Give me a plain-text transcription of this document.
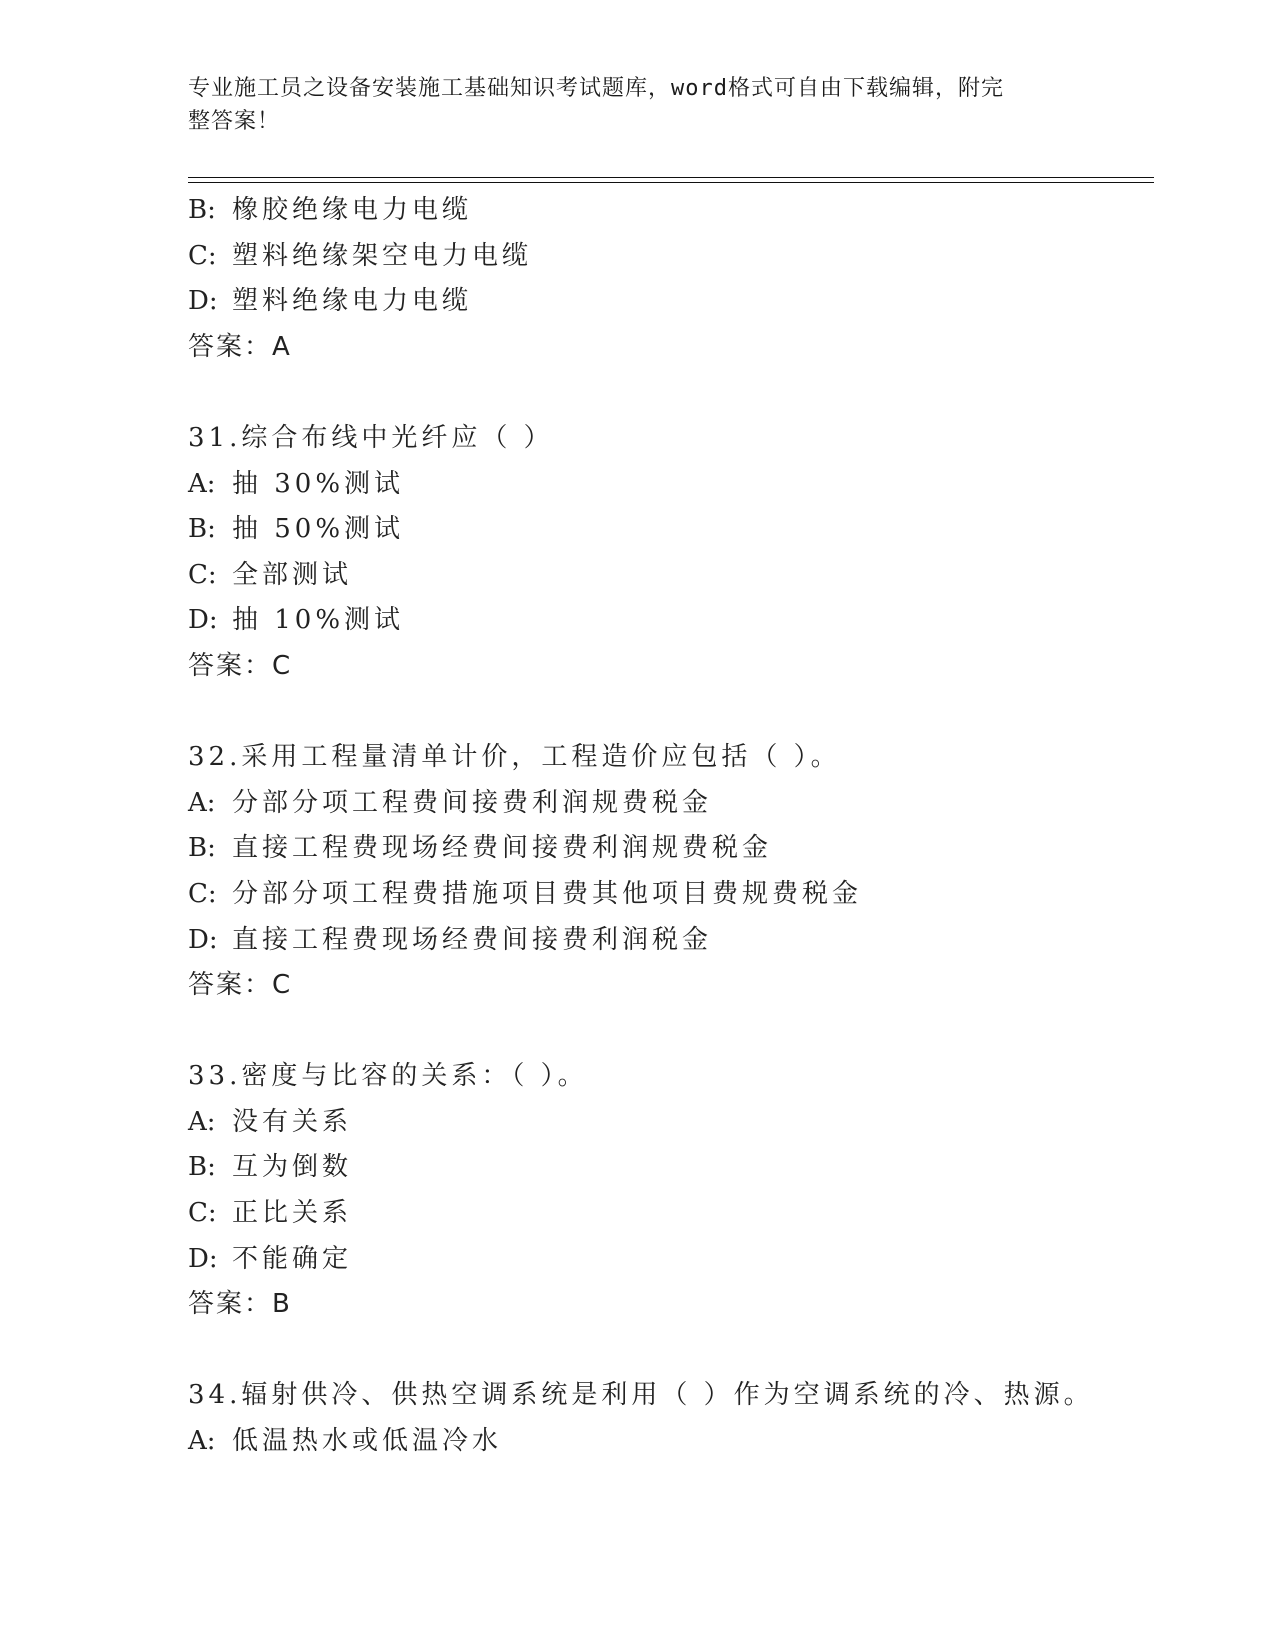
专业施工员之设备安装施工基础知识考试题库，word格式可自由下载编辑，附完
整答案！
B: 橡胶绝缘电力电缆
C: 塑料绝缘架空电力电缆
D: 塑料绝缘电力电缆
答案：A
31.综合布线中光纤应（ ）
A: 抽 30%测试
B: 抽 50%测试
C: 全部测试
D: 抽 10%测试
答案：C
32.采用工程量清单计价，工程造价应包括（ ）。
A: 分部分项工程费间接费利润规费税金
B: 直接工程费现场经费间接费利润规费税金
C: 分部分项工程费措施项目费其他项目费规费税金
D: 直接工程费现场经费间接费利润税金
答案：C
33.密度与比容的关系：（ ）。
A: 没有关系
B: 互为倒数
C: 正比关系
D: 不能确定
答案：B
34.辐射供冷、供热空调系统是利用（ ）作为空调系统的冷、热源。
A: 低温热水或低温冷水
